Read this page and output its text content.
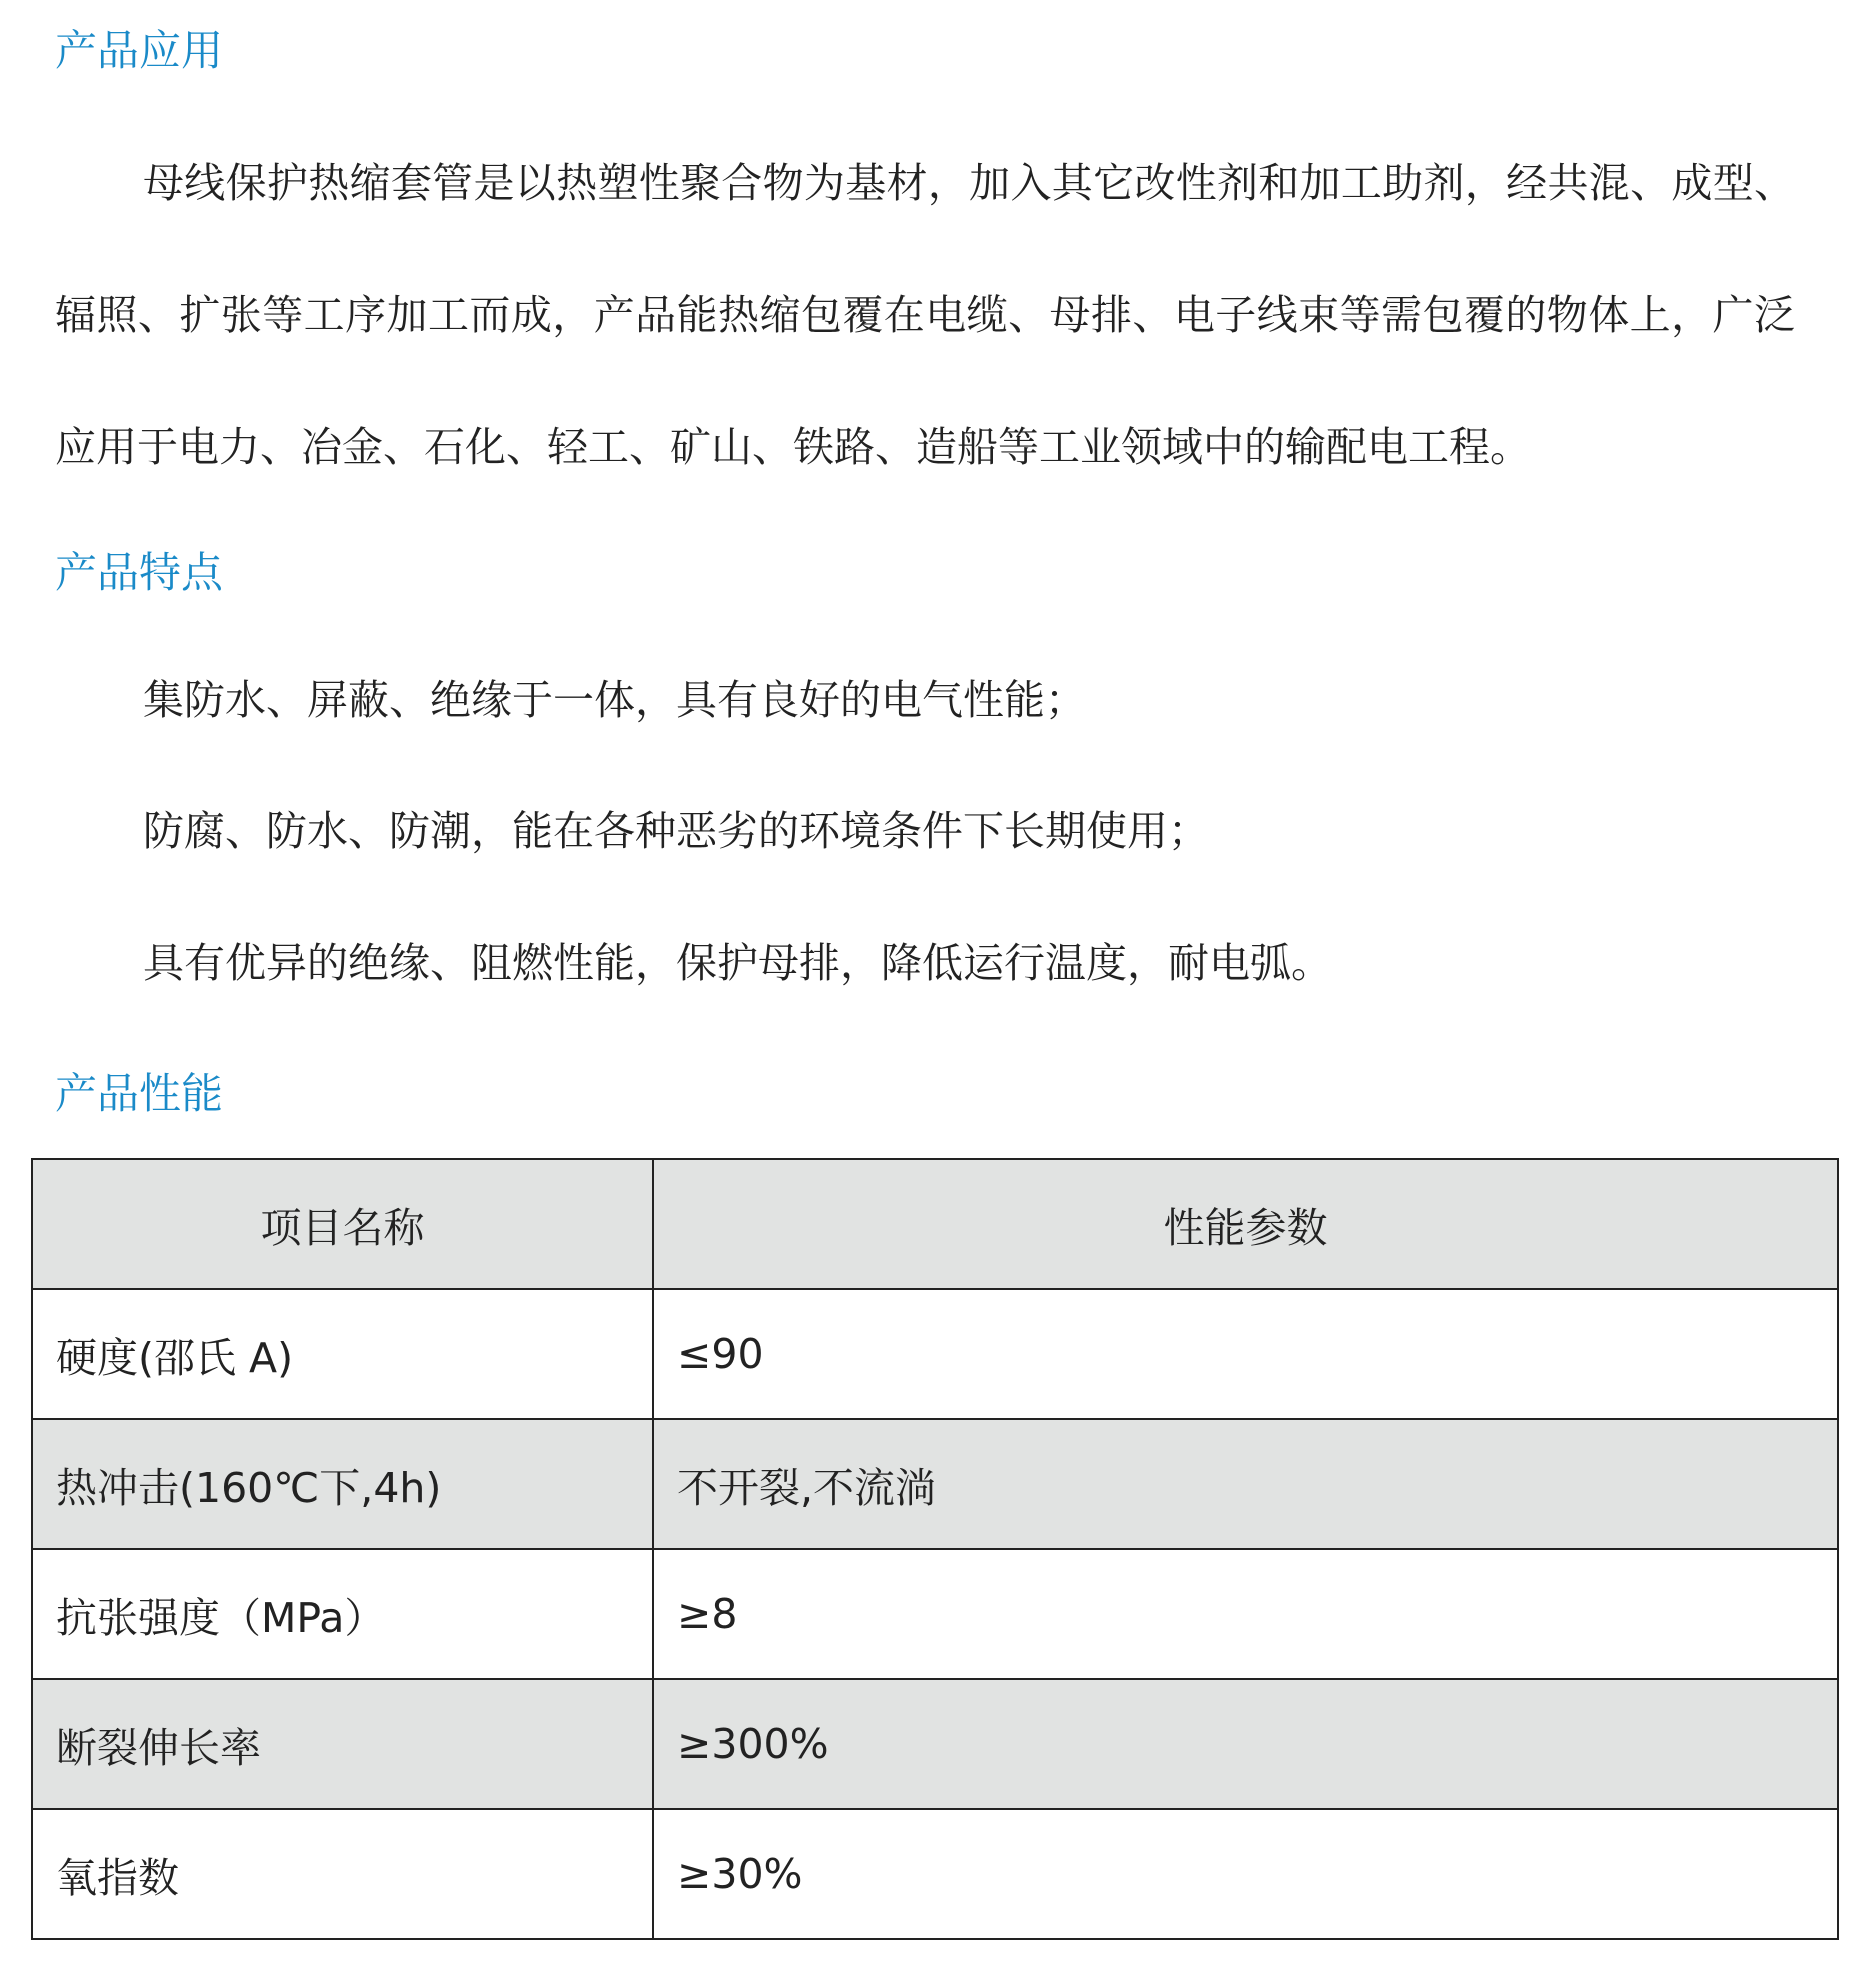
产品应用

母线保护热缩套管是以热塑性聚合物为基材，加入其它改性剂和加工助剂，经共混、成型、辐照、扩张等工序加工而成，产品能热缩包覆在电缆、母排、电子线束等需包覆的物体上，广泛应用于电力、冶金、石化、轻工、矿山、铁路、造船等工业领域中的输配电工程。

产品特点

集防水、屏蔽、绝缘于一体，具有良好的电气性能；

防腐、防水、防潮，能在各种恶劣的环境条件下长期使用；

具有优异的绝缘、阻燃性能，保护母排，降低运行温度，耐电弧。

产品性能
项目名称	性能参数
硬度(邵氏 A)	≤90
热冲击(160℃下,4h)	不开裂,不流淌
抗张强度（MPa）	≥8
断裂伸长率	≥300%
氧指数	≥30%
